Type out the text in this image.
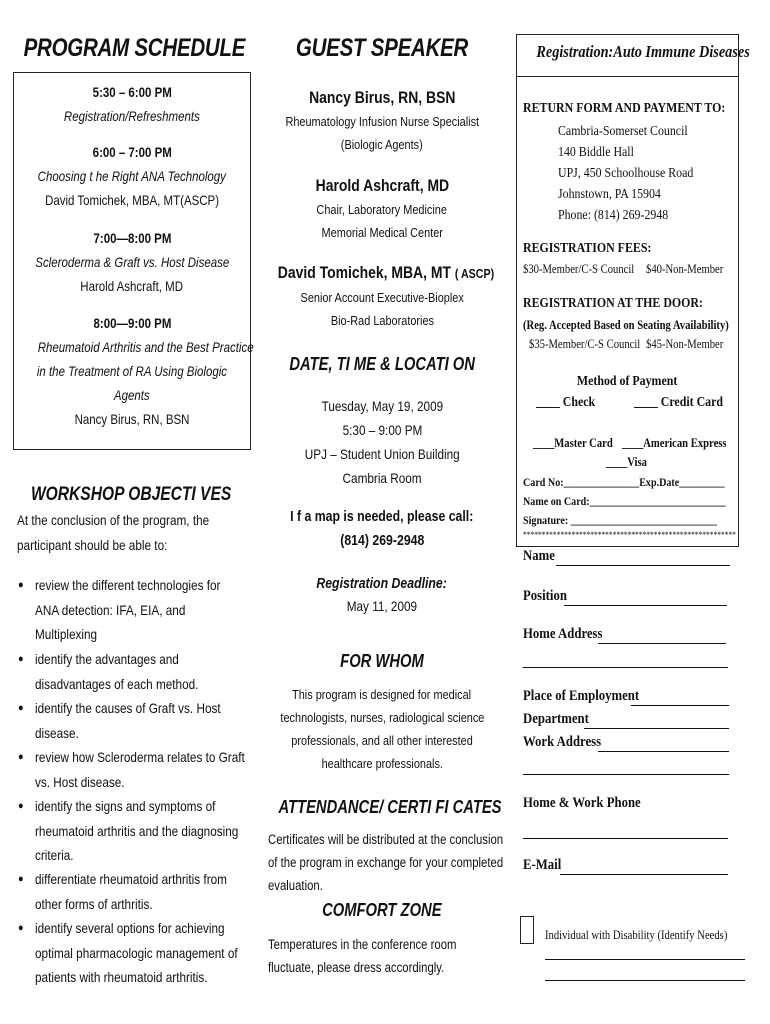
PROGRAM SCHEDULE
5:30 – 6:00 PM
Registration/Refreshments
6:00 – 7:00 PM
Choosing t he Right ANA Technology
David Tomichek, MBA, MT(ASCP)
7:00—8:00 PM
Scleroderma & Graft vs. Host Disease
Harold Ashcraft, MD
8:00—9:00 PM
Rheumatoid Arthritis and the Best Practice
in the Treatment of RA Using Biologic
Agents
Nancy Birus, RN, BSN
WORKSHOP OBJECTI VES
At the conclusion of the program, the
participant should be able to:
● review the different technologies for
ANA detection: IFA, EIA, and
Multiplexing
● identify the advantages and
disadvantages of each method.
● identify the causes of Graft vs. Host
disease.
● review how Scleroderma relates to Graft
vs. Host disease.
● identify the signs and symptoms of
rheumatoid arthritis and the diagnosing
criteria.
● differentiate rheumatoid arthritis from
other forms of arthritis.
● identify several options for achieving
optimal pharmacologic management of
patients with rheumatoid arthritis.
GUEST SPEAKER
Nancy Birus, RN, BSN
Rheumatology Infusion Nurse Specialist
(Biologic Agents)
Harold Ashcraft, MD
Chair, Laboratory Medicine
Memorial Medical Center
David Tomichek, MBA, MT ( ASCP)
Senior Account Executive-Bioplex
Bio-Rad Laboratories
DATE, TI ME & LOCATI ON
Tuesday, May 19, 2009
5:30 – 9:00 PM
UPJ – Student Union Building
Cambria Room
I f a map is needed, please call:
(814) 269-2948
Registration Deadline:

May 11, 2009
FOR WHOM
This program is designed for medical
technologists, nurses, radiological science
professionals, and all other interested
healthcare professionals.
ATTENDANCE/ CERTI FI CATES
Certificates will be distributed at the conclusion
of the program in exchange for your completed
evaluation.
COMFORT ZONE
Temperatures in the conference room
fluctuate, please dress accordingly.
Registration:Auto Immune Diseases
RETURN FORM AND PAYMENT TO:
Cambria-Somerset Council
140 Biddle Hall
UPJ, 450 Schoolhouse Road
Johnstown, PA 15904
Phone: (814) 269-2948
REGISTRATION FEES:
$30-Member/C-S Council $40-Non-Member
REGISTRATION AT THE DOOR:
(Reg. Accepted Based on Seating Availability)
$35-Member/C-S Council $45-Non-Member
Method of Payment
____ Check	____ Credit Card
____Master Card ____American Express
____Visa
Card No:_______________Exp.Date_________
Name on Card:___________________________
Signature: _____________________________
*********************************************************
Name
Position
Home Address
Place of Employment
Department
Work Address
Home & Work Phone
E-Mail
Individual with Disability (Identify Needs)
